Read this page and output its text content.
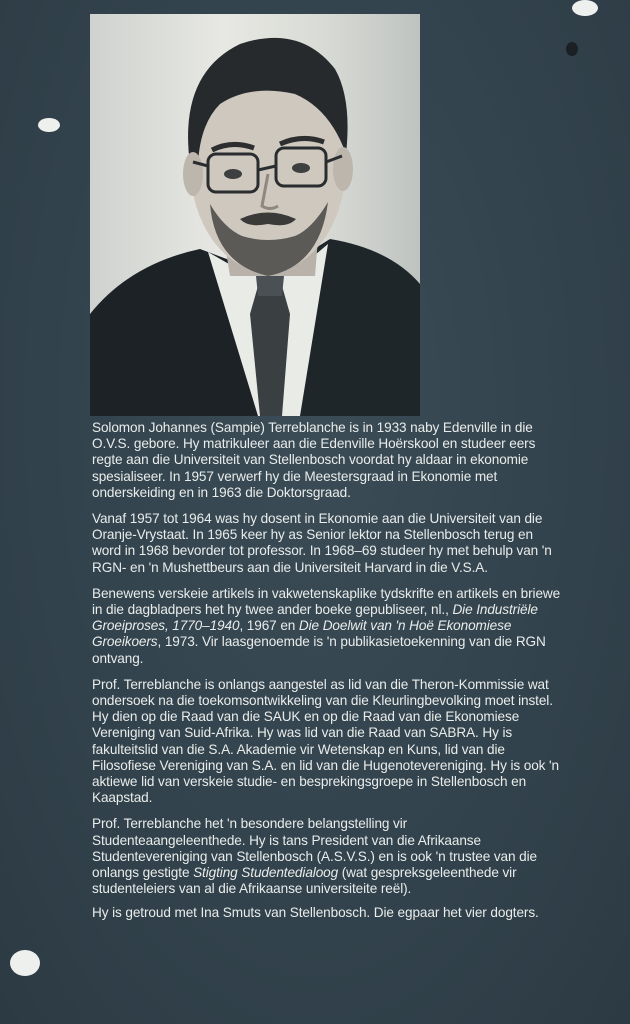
Solomon Johannes (Sampie) Terreblanche is in 1933 naby Edenville in die O.V.S. gebore. Hy matrikuleer aan die Edenville Hoërskool en studeer eers regte aan die Universiteit van Stellenbosch voordat hy aldaar in ekonomie spesialiseer. In 1957 verwerf hy die Meestersgraad in Ekonomie met onderskeiding en in 1963 die Doktorsgraad.

Vanaf 1957 tot 1964 was hy dosent in Ekonomie aan die Universiteit van die Oranje-Vrystaat. In 1965 keer hy as Senior lektor na Stellenbosch terug en word in 1968 bevorder tot professor. In 1968–69 studeer hy met behulp van 'n RGN- en 'n Mushettbeurs aan die Universiteit Harvard in die V.S.A.

Benewens verskeie artikels in vakwetenskaplike tydskrifte en artikels en briewe in die dagbladpers het hy twee ander boeke gepubliseer, nl., Die Industriële Groeiproses, 1770–1940, 1967 en Die Doelwit van 'n Hoë Ekonomiese Groeikoers, 1973. Vir laasgenoemde is 'n publikasietoekenning van die RGN ontvang.

Prof. Terreblanche is onlangs aangestel as lid van die Theron-Kommissie wat ondersoek na die toekomsontwikkeling van die Kleurlingbevolking moet instel. Hy dien op die Raad van die SAUK en op die Raad van die Ekonomiese Vereniging van Suid-Afrika. Hy was lid van die Raad van SABRA. Hy is fakulteitslid van die S.A. Akademie vir Wetenskap en Kuns, lid van die Filosofiese Vereniging van S.A. en lid van die Hugenotevereniging. Hy is ook 'n aktiewe lid van verskeie studie- en besprekingsgroepe in Stellenbosch en Kaapstad.

Prof. Terreblanche het 'n besondere belangstelling vir Studenteaangeleenthede. Hy is tans President van die Afrikaanse Studentevereniging van Stellenbosch (A.S.V.S.) en is ook 'n trustee van die onlangs gestigte Stigting Studentedialoog (wat gespreksgeleenthede vir studenteleiers van al die Afrikaanse universiteite reël).

Hy is getroud met Ina Smuts van Stellenbosch. Die egpaar het vier dogters.
